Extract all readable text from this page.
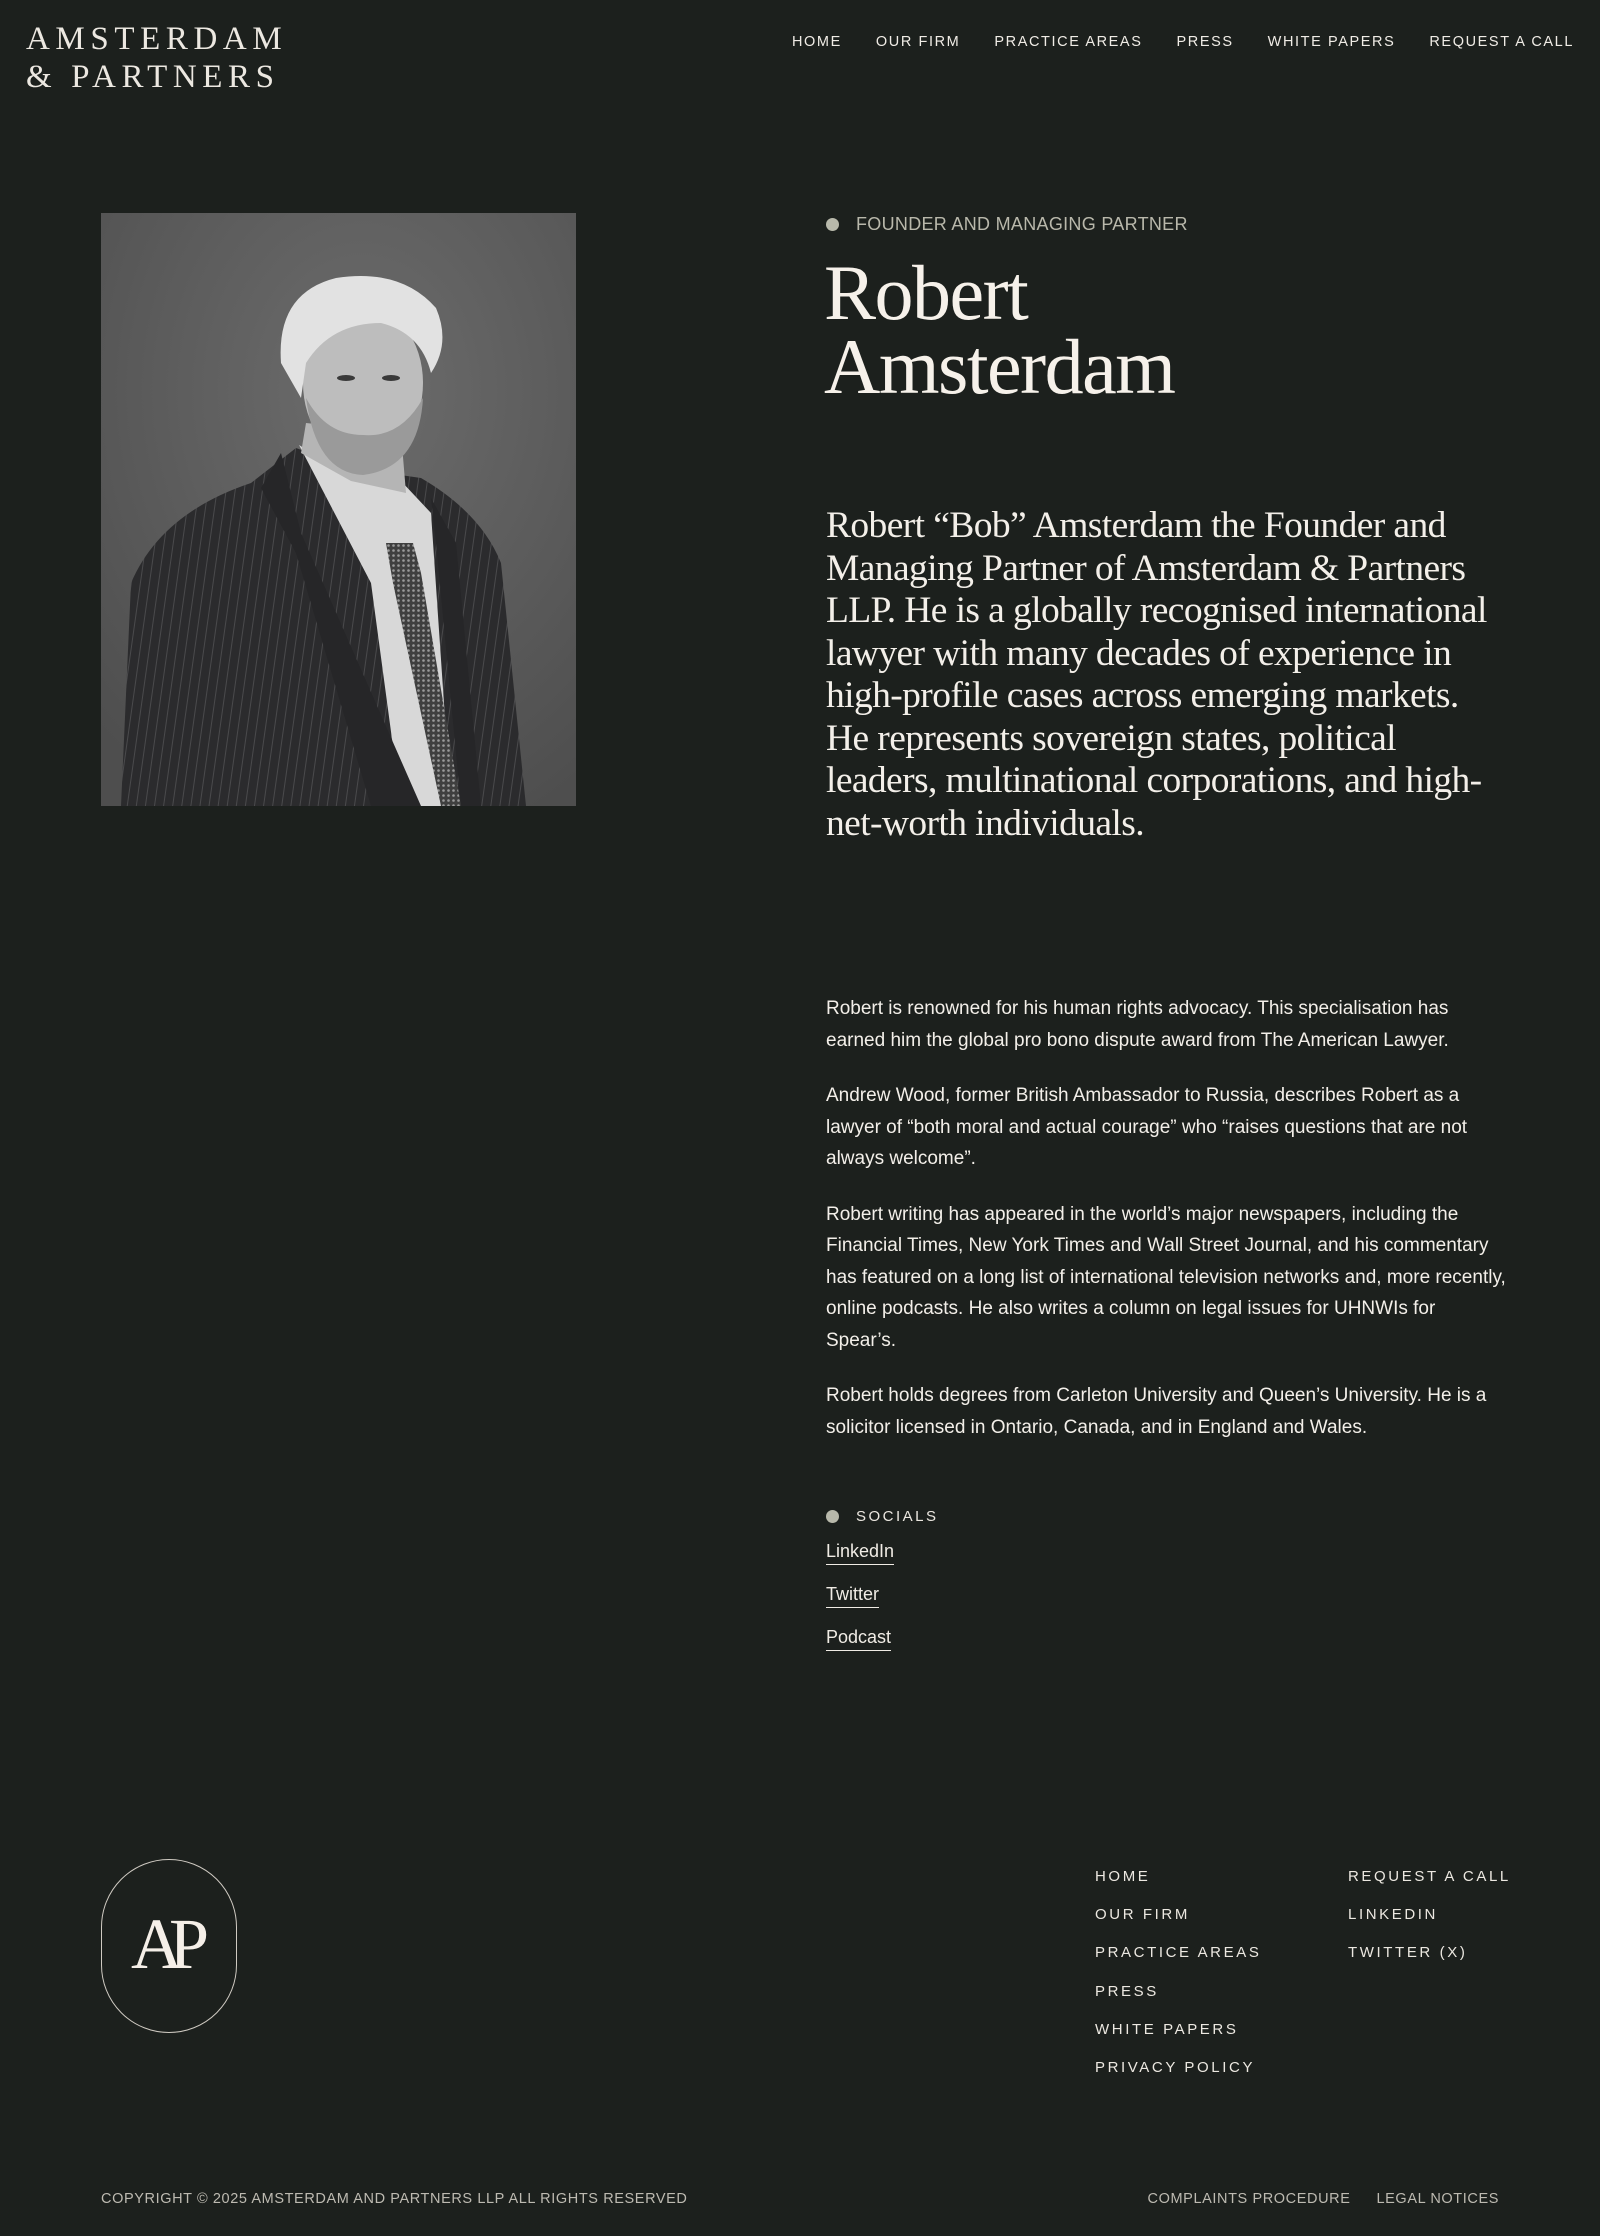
AMSTERDAM
& PARTNERS
HOME OUR FIRM PRACTICE AREAS PRESS WHITE PAPERS REQUEST A CALL
FOUNDER AND MANAGING PARTNER
Robert
Amsterdam

Robert “Bob” Amsterdam the Founder and Managing Partner of Amsterdam & Partners LLP. He is a globally recognised international lawyer with many decades of experience in high-profile cases across emerging markets. He represents sovereign states, political leaders, multinational corporations, and high-net-worth individuals.

Robert is renowned for his human rights advocacy. This specialisation has earned him the global pro bono dispute award from The American Lawyer.

Andrew Wood, former British Ambassador to Russia, describes Robert as a lawyer of “both moral and actual courage” who “raises questions that are not always welcome”.

Robert writing has appeared in the world’s major newspapers, including the Financial Times, New York Times and Wall Street Journal, and his commentary has featured on a long list of international television networks and, more recently, online podcasts. He also writes a column on legal issues for UHNWIs for Spear’s.

Robert holds degrees from Carleton University and Queen’s University. He is a solicitor licensed in Ontario, Canada, and in England and Wales.

SOCIALS
LinkedIn
Twitter
Podcast
AP
HOME
OUR FIRM
PRACTICE AREAS
PRESS
WHITE PAPERS
PRIVACY POLICY
REQUEST A CALL
LINKEDIN
TWITTER (X)
COPYRIGHT © 2025 AMSTERDAM AND PARTNERS LLP ALL RIGHTS RESERVED	COMPLAINTS PROCEDURE LEGAL NOTICES
